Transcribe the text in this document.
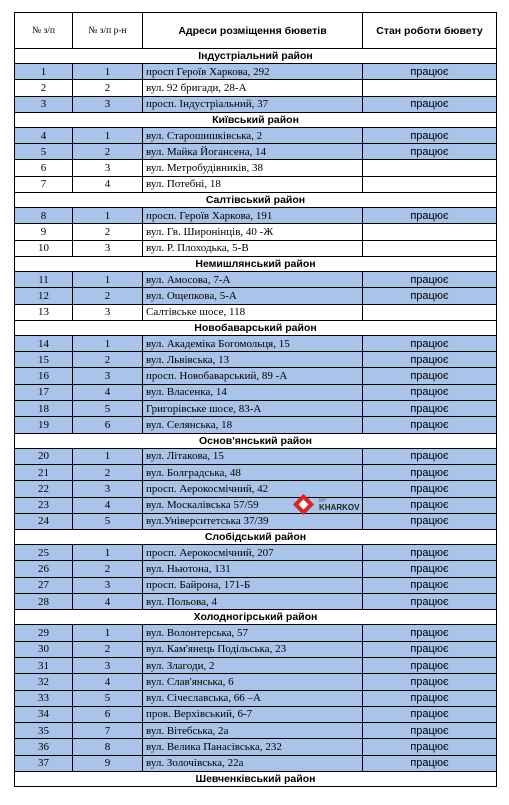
№ з/п	№ з/п р-н	Адреси розміщення бюветів	Стан роботи бювету
Індустріальний район			
1	1	просп Героїв Харкова, 292	працює
2	2	вул. 92 бригади, 28-А	
3	3	просп. Індустріальний, 37	працює
Київський район			
4	1	вул. Старошишківська, 2	працює
5	2	вул. Майка Йогансена, 14	працює
6	3	вул. Метробудівників, 38	
7	4	вул. Потебні, 18	
Салтівський район			
8	1	просп. Героїв Харкова, 191	працює
9	2	вул. Гв. Широнінців, 40 -Ж	
10	3	вул. Р. Плоходька, 5-В	
Немишлянський район			
11	1	вул. Амосова, 7-А	працює
12	2	вул. Ощепкова, 5-А	працює
13	3	Салтівське шосе, 118	
Новобаварський район			
14	1	вул. Академіка Богомольця, 15	працює
15	2	вул. Львівська, 13	працює
16	3	просп. Новобаварський, 89 -А	працює
17	4	вул. Власенка, 14	працює
18	5	Григорівське шосе, 83-А	працює
19	6	вул. Селянська, 18	працює
Основ'янський район			
20	1	вул. Літакова, 15	працює
21	2	вул. Болградська, 48	працює
22	3	просп. Аерокосмічний, 42	працює
23	4	вул. Москалівська 57/59	працює
24	5	вул.Університетська 37/39	працює
Слобідський район			
25	1	просп. Аерокосмічний, 207	працює
26	2	вул. Ньютона, 131	працює
27	3	просп. Байрона, 171-Б	працює
28	4	вул. Польова, 4	працює
Холодногірський район			
29	1	вул. Волонтерська, 57	працює
30	2	вул. Кам'янець Подільська, 23	працює
31	3	вул. Злагоди, 2	працює
32	4	вул. Слав'янська, 6	працює
33	5	вул. Січеславська, 66 –А	працює
34	6	пров. Верхівський, 6-7	працює
35	7	вул. Вітебська, 2а	працює
36	8	вул. Велика Панасівська, 232	працює
37	9	вул. Золочівська, 22а	працює
Шевченківський район			
MY
KHARKOV
